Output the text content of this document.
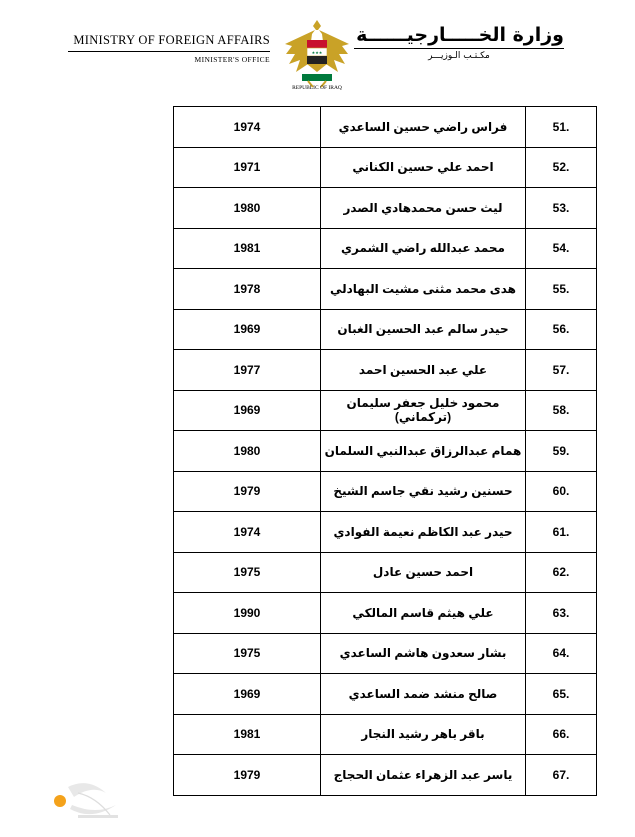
MINISTRY OF FOREIGN AFFAIRS
MINISTER'S OFFICE
★★★
REPUBLIC OF IRAQ
وزارة الخـــــارجيــــــة
مكـتـب الـوزيـــر
1974	فراس راضي حسين الساعدي	51.
1971	احمد علي حسين الكناني	52.
1980	ليث حسن محمدهادي الصدر	53.
1981	محمد عبدالله راضي الشمري	54.
1978	هدى محمد مثنى مشيت البهادلي	55.
1969	حيدر سالم عبد الحسين الغبان	56.
1977	علي عبد الحسين احمد	57.
1969	محمود خليل جعفر سليمان (تركماني)	58.
1980	همام عبدالرزاق عبدالنبي السلمان	59.
1979	حسنين رشيد نقي جاسم الشيخ	60.
1974	حيدر عبد الكاظم نعيمة الفوادي	61.
1975	احمد حسين عادل	62.
1990	علي هيثم قاسم المالكي	63.
1975	بشار سعدون هاشم الساعدي	64.
1969	صالح منشد ضمد الساعدي	65.
1981	باقر باهر رشيد النجار	66.
1979	ياسر عبد الزهراء عثمان الحجاج	67.
